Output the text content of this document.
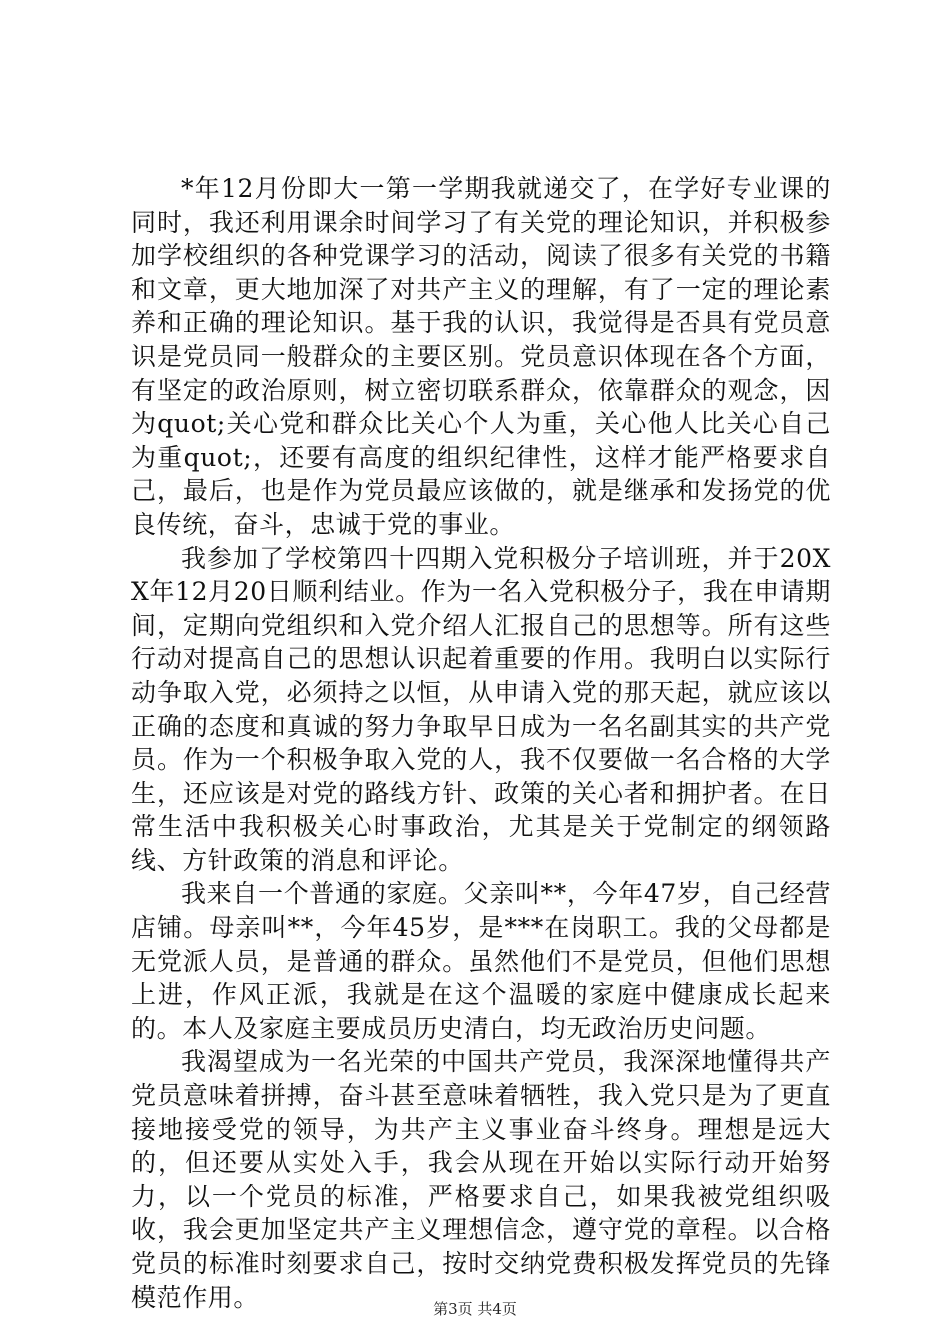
*年12月份即大一第一学期我就递交了，在学好专业课的同时，我还利用课余时间学习了有关党的理论知识，并积极参加学校组织的各种党课学习的活动，阅读了很多有关党的书籍和文章，更大地加深了对共产主义的理解，有了一定的理论素养和正确的理论知识。基于我的认识，我觉得是否具有党员意识是党员同一般群众的主要区别。党员意识体现在各个方面，有坚定的政治原则，树立密切联系群众，依靠群众的观念，因为quot;关心党和群众比关心个人为重，关心他人比关心自己为重quot;，还要有高度的组织纪律性，这样才能严格要求自己，最后，也是作为党员最应该做的，就是继承和发扬党的优良传统，奋斗，忠诚于党的事业。

我参加了学校第四十四期入党积极分子培训班，并于20XX年12月20日顺利结业。作为一名入党积极分子，我在申请期间，定期向党组织和入党介绍人汇报自己的思想等。所有这些行动对提高自己的思想认识起着重要的作用。我明白以实际行动争取入党，必须持之以恒，从申请入党的那天起，就应该以正确的态度和真诚的努力争取早日成为一名名副其实的共产党员。作为一个积极争取入党的人，我不仅要做一名合格的大学生，还应该是对党的路线方针、政策的关心者和拥护者。在日常生活中我积极关心时事政治，尤其是关于党制定的纲领路线、方针政策的消息和评论。

我来自一个普通的家庭。父亲叫**，今年47岁，自己经营店铺。母亲叫**，今年45岁，是***在岗职工。我的父母都是无党派人员，是普通的群众。虽然他们不是党员，但他们思想上进，作风正派，我就是在这个温暖的家庭中健康成长起来的。本人及家庭主要成员历史清白，均无政治历史问题。

我渴望成为一名光荣的中国共产党员，我深深地懂得共产党员意味着拼搏，奋斗甚至意味着牺牲，我入党只是为了更直接地接受党的领导，为共产主义事业奋斗终身。理想是远大的，但还要从实处入手，我会从现在开始以实际行动开始努力，以一个党员的标准，严格要求自己，如果我被党组织吸收，我会更加坚定共产主义理想信念，遵守党的章程。以合格党员的标准时刻要求自己，按时交纳党费积极发挥党员的先锋模范作用。	第3页 共4页
